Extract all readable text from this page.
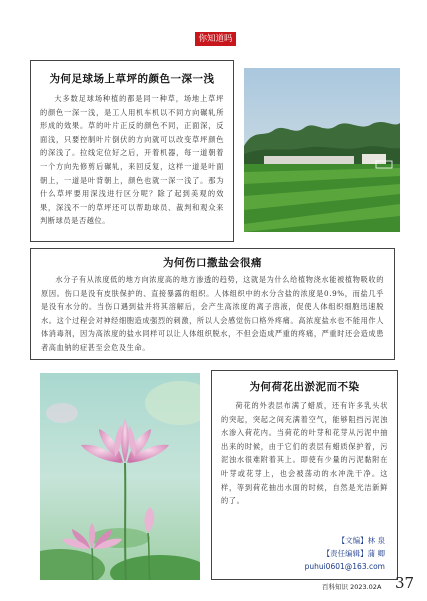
你知道吗
为何足球场上草坪的颜色一深一浅

大多数足球场种植的都是同一种草，场地上草坪的颜色一深一浅，是工人用机车机以不同方向碾轧所形成的效果。草的叶片正反的颜色不同，正面深，反面浅，只要控制叶片倒伏的方向就可以改变草坪颜色的深浅了。拉线定位好之后，开着机器，每一道朝着一个方向先修剪后碾轧，来回反复，这样一道是叶面朝上，一道是叶背朝上，颜色也就一深一浅了。那为什么草坪要用深浅进行区分呢？除了起到美观的效果，深浅不一的草坪还可以帮助球员、裁判和观众来判断球员是否越位。

为何伤口撒盐会很痛

水分子有从浓度低的地方向浓度高的地方渗透的趋势，这就是为什么给植物浇水能被植物吸收的原因。伤口是没有皮肤保护的、直接暴露的组织。人体组织中的水分含盐的浓度是0.9%，而盐几乎是没有水分的。当伤口遇到盐并将其溶解后，会产生高浓度的离子溶液，促使人体组织细胞迅速脱水。这个过程会对神经细胞造成强烈的刺激，所以人会感觉伤口格外疼痛。高浓度盐水也不能用作人体消毒剂，因为高浓度的盐水同样可以让人体组织脱水，不但会造成严重的疼痛，严重时还会造成患者高血钠的症甚至会危及生命。

为何荷花出淤泥而不染

荷花的外表层布满了蜡质，还有许多乳头状的突起，突起之间充满着空气，能够阻挡污泥浊水渗入荷花内。当荷花的叶芽和花芽从污泥中抽出来的时候，由于它们的表层有蜡质保护着，污泥浊水很难附着其上。即使有少量的污泥黏附在叶芽或花芽上，也会被荡动的水冲洗干净。这样，等到荷花抽出水面的时候，自然是光洁新鲜的了。

【文编】林 泉
【责任编辑】蒲 卿
puhui0601@163.com
百科知识 2023.02A 37
